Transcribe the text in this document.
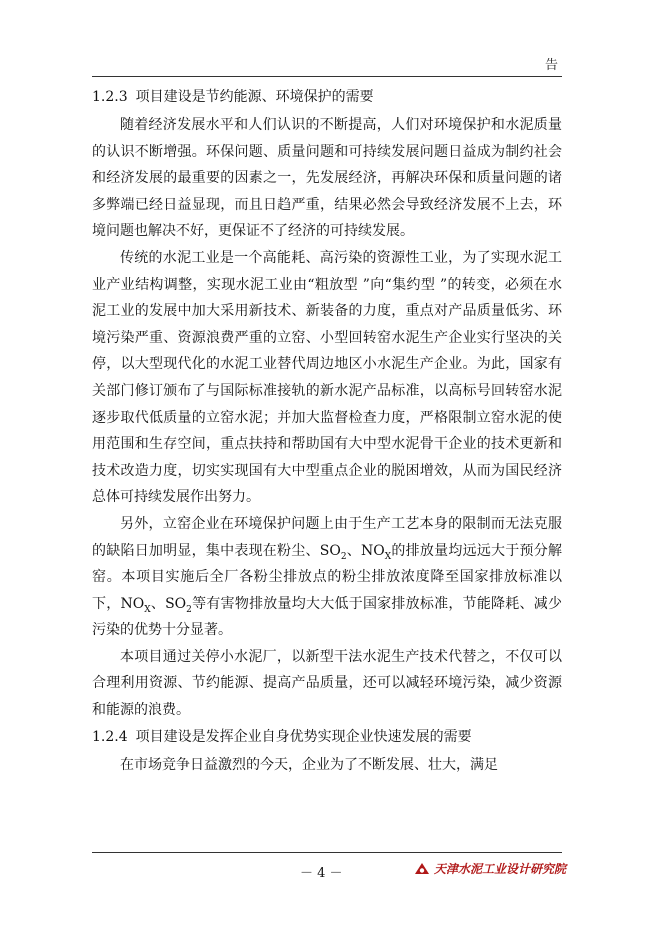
告

1.2.3 项目建设是节约能源、环境保护的需要

随着经济发展水平和人们认识的不断提高，人们对环境保护和水泥质量的认识不断增强。环保问题、质量问题和可持续发展问题日益成为制约社会和经济发展的最重要的因素之一，先发展经济，再解决环保和质量问题的诸多弊端已经日益显现，而且日趋严重，结果必然会导致经济发展不上去，环境问题也解决不好，更保证不了经济的可持续发展。

传统的水泥工业是一个高能耗、高污染的资源性工业，为了实现水泥工业产业结构调整，实现水泥工业由“粗放型 ”向“集约型 ”的转变，必须在水泥工业的发展中加大采用新技术、新装备的力度，重点对产品质量低劣、环境污染严重、资源浪费严重的立窑、小型回转窑水泥生产企业实行坚决的关停，以大型现代化的水泥工业替代周边地区小水泥生产企业。为此，国家有关部门修订颁布了与国际标准接轨的新水泥产品标准，以高标号回转窑水泥逐步取代低质量的立窑水泥；并加大监督检查力度，严格限制立窑水泥的使用范围和生存空间，重点扶持和帮助国有大中型水泥骨干企业的技术更新和技术改造力度，切实实现国有大中型重点企业的脱困增效，从而为国民经济总体可持续发展作出努力。

另外，立窑企业在环境保护问题上由于生产工艺本身的限制而无法克服的缺陷日加明显，集中表现在粉尘、$SO_2$、$NO_X$的排放量均远远大于预分解窑。本项目实施后全厂各粉尘排放点的粉尘排放浓度降至国家排放标准以下，$NO_X$、$SO_2$等有害物排放量均大大低于国家排放标准，节能降耗、减少污染的优势十分显著。

本项目通过关停小水泥厂，以新型干法水泥生产技术代替之，不仅可以合理利用资源、节约能源、提高产品质量，还可以减轻环境污染，减少资源和能源的浪费。

1.2.4 项目建设是发挥企业自身优势实现企业快速发展的需要

在市场竞争日益激烈的今天，企业为了不断发展、壮大，满足

－ 4 －	天津水泥工业设计研究院
